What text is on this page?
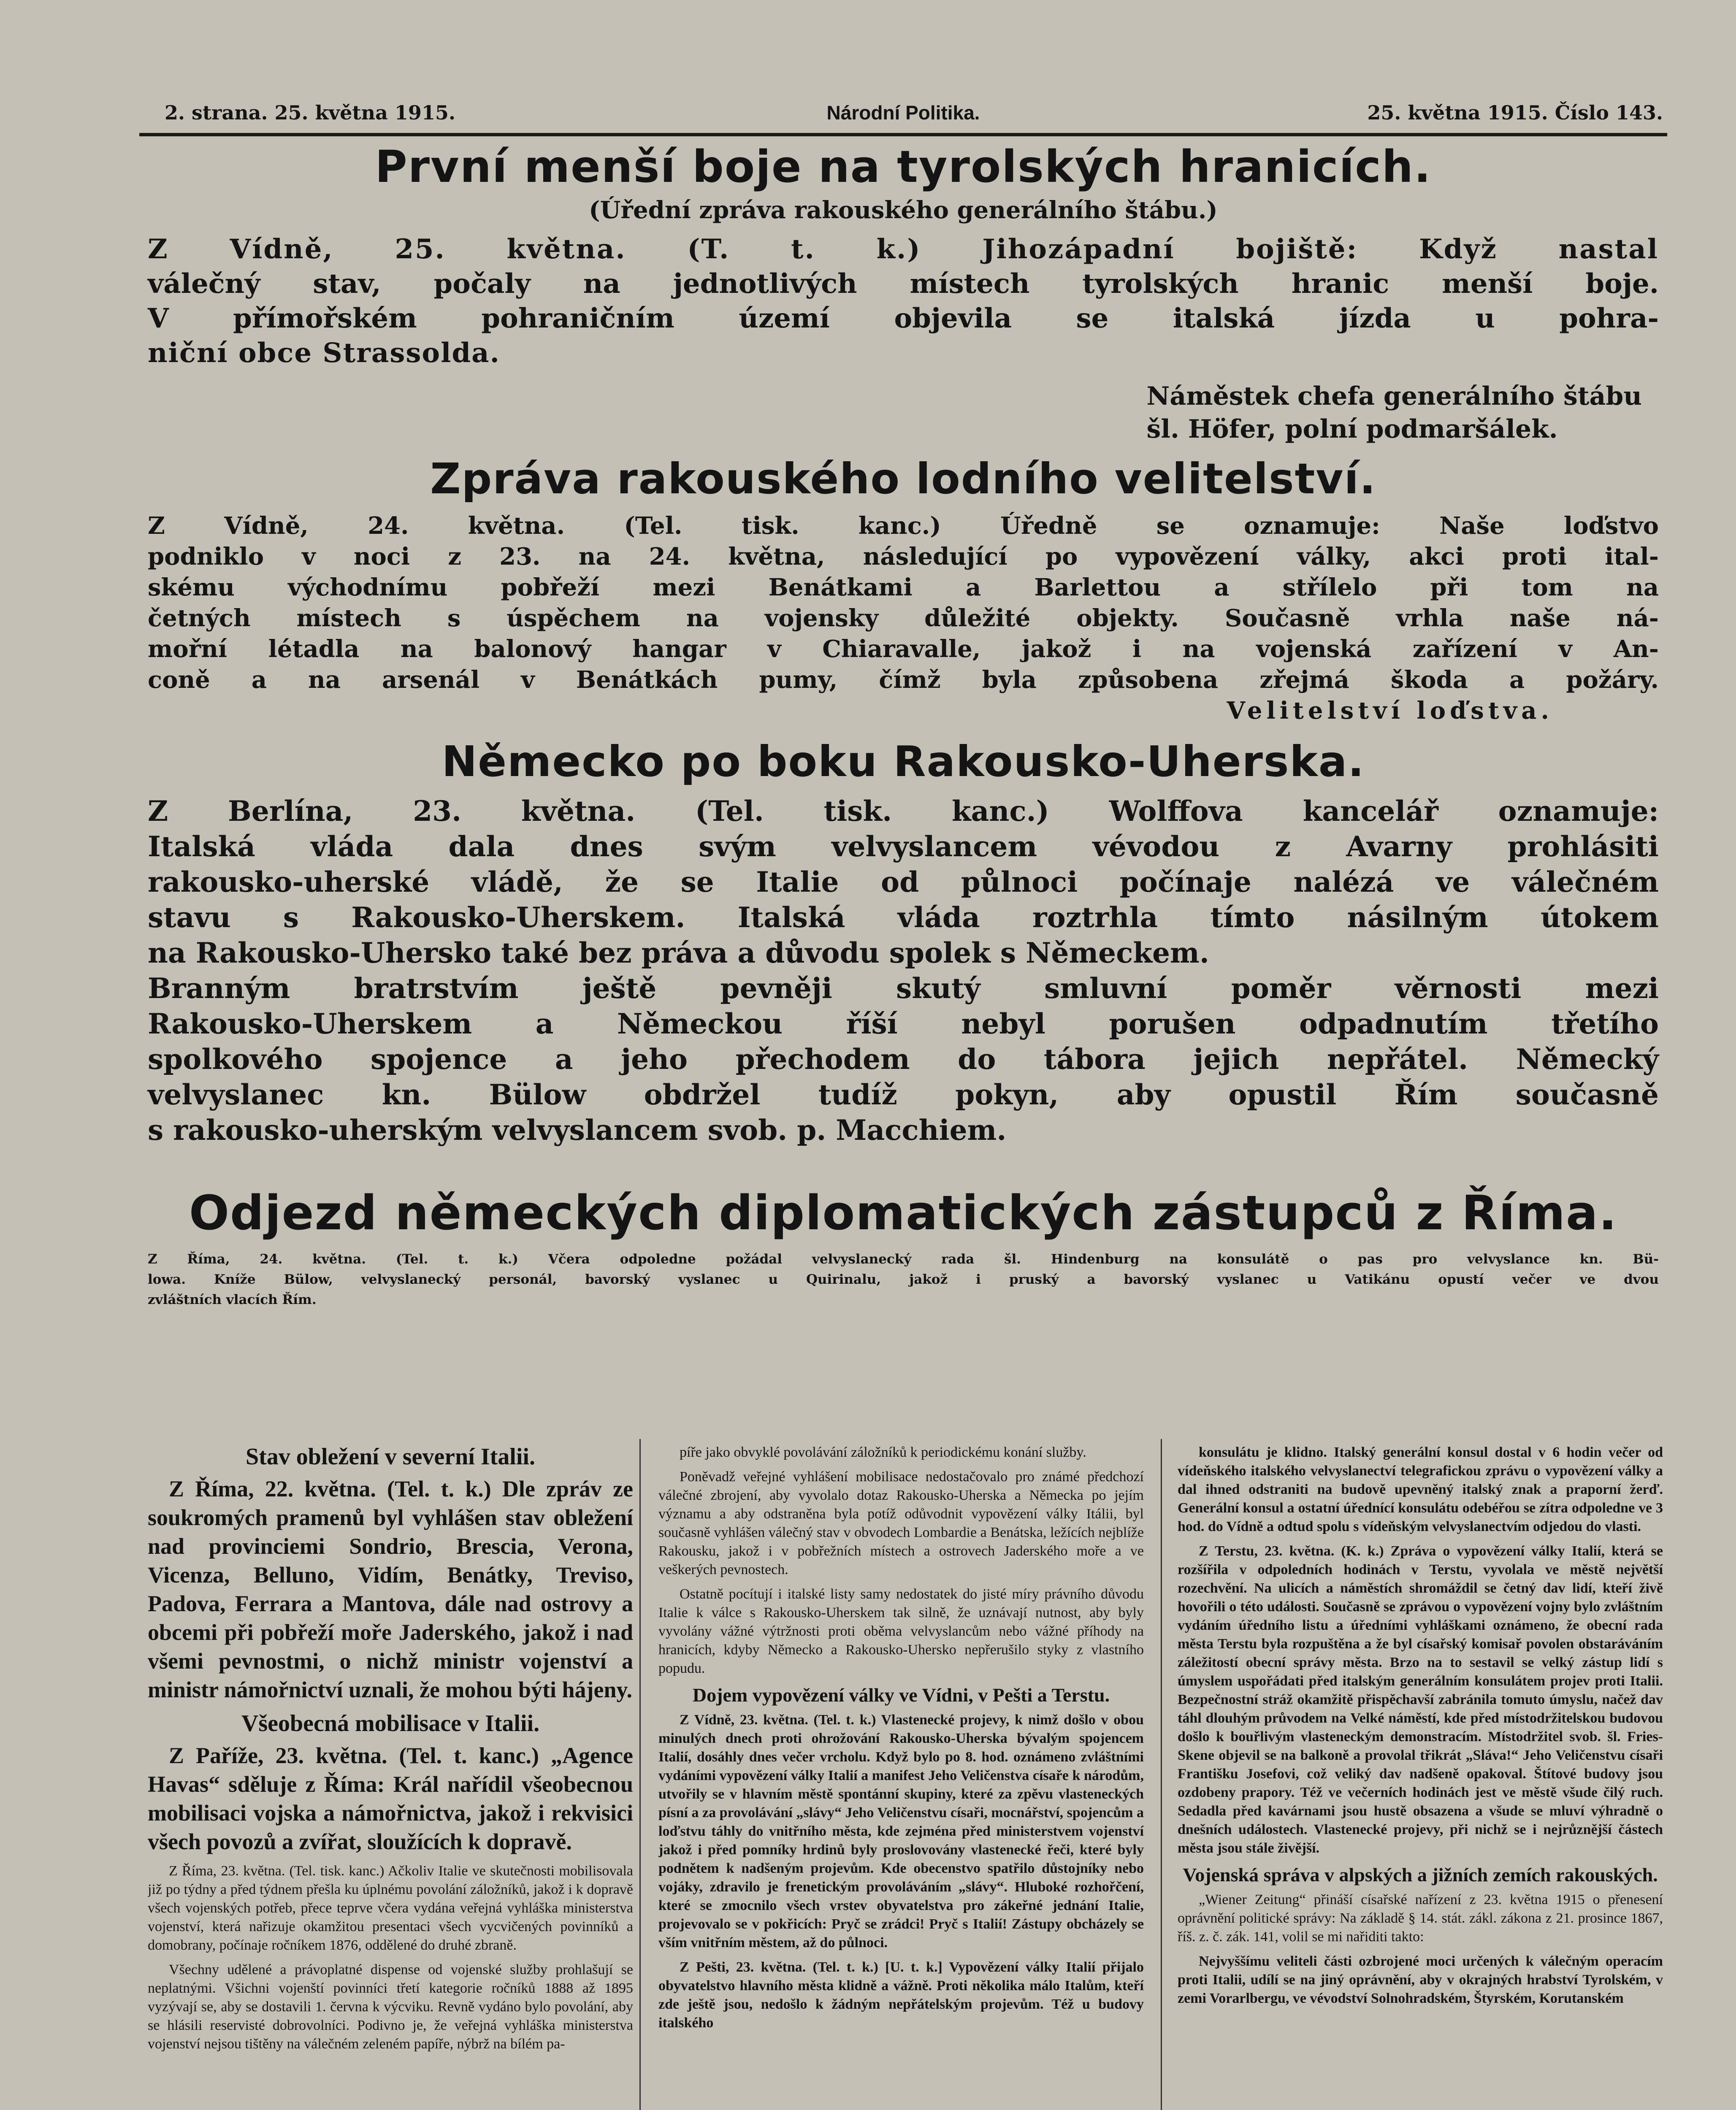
2. strana. 25. května 1915.	Národní Politika.	25. května 1915. Číslo 143.
První menší boje na tyrolských hranicích.
(Úřední zpráva rakouského generálního štábu.)
Z Vídně, 25. května. (T. t. k.) Jihozápadní bojiště: Když nastal
válečný stav, počaly na jednotlivých místech tyrolských hranic menší boje.
V přímořském pohraničním území objevila se italská jízda u pohra-
nіční obce Strassolda.
Náměstek chefa generálního štábu
šl. Höfer, polní podmaršálek.
Zpráva rakouského lodního velitelství.
Z Vídně, 24. května. (Tel. tisk. kanc.) Úředně se oznamuje: Naše loďstvo
podniklo v noci z 23. na 24. května, následující po vypovězení války, akci proti ital-
skému východnímu pobřeží mezi Benátkami a Barlettou a střílelo při tom na
četných místech s úspěchem na vojensky důležité objekty. Současně vrhla naše ná-
mořní létadla na balonový hangar v Chiaravalle, jakož i na vojenská zařízení v An-
coně a na arsenál v Benátkách pumy, čímž byla způsobena zřejmá škoda a požáry.
Velitelství loďstva.
Německo po boku Rakousko-Uherska.
Z Berlína, 23. května. (Tel. tisk. kanc.) Wolffova kancelář oznamuje:
Italská vláda dala dnes svým velvyslancem vévodou z Avarny prohlásiti
rakousko-uherské vládě, že se Italie od půlnoci počínaje nalézá ve válečném
stavu s Rakousko-Uherskem. Italská vláda roztrhla tímto násilným útokem
na Rakousko-Uhersko také bez práva a důvodu spolek s Německem.
Branným bratrstvím ještě pevněji skutý smluvní poměr věrnosti mezi
Rakousko-Uherskem a Německou říší nebyl porušen odpadnutím třetího
spolkového spojence a jeho přechodem do tábora jejich nepřátel. Německý
velvyslanec kn. Bülow obdržel tudíž pokyn, aby opustil Řím současně
s rakousko-uherským velvyslancem svob. p. Macchiem.
Odjezd německých diplomatických zástupců z Říma.
Z Říma, 24. května. (Tel. t. k.) Včera odpoledne požádal velvyslanecký rada šl. Hindenburg na konsulátě o pas pro velvyslance kn. Bü-
lowa. Kníže Bülow, velvyslanecký personál, bavorský vyslanec u Quirinalu, jakož i pruský a bavorský vyslanec u Vatikánu opustí večer ve dvou
zvláštních vlacích Řím.
Stav obležení v severní Italii.

Z Říma, 22. května. (Tel. t. k.) Dle zpráv ze soukromých pramenů byl vyhlášen stav obležení nad provinciemi Sondrio, Brescia, Verona, Vicenza, Belluno, Vidím, Benátky, Treviso, Padova, Ferrara a Mantova, dále nad ostrovy a obcemi při pobřeží moře Jaderského, jakož i nad všemi pevnostmi, o nichž ministr vojenství a ministr námořnictví uznali, že mohou býti hájeny.

Všeobecná mobilisace v Italii.

Z Paříže, 23. května. (Tel. t. kanc.) „Agence Havas“ sděluje z Říma: Král nařídil všeobecnou mobilisaci vojska a námořnictva, jakož i rekvisici všech povozů a zvířat, sloužících k dopravě.

Z Říma, 23. května. (Tel. tisk. kanc.) Ačkoliv Italie ve skutečnosti mobilisovala již po týdny a před týdnem přešla ku úplnému povolání záložníků, jakož i k dopravě všech vojenských potřeb, přece teprve včera vydána veřejná vyhláška ministerstva vojenství, která nařizuje okamžitou presentaci všech vycvičených povinníků a domobrany, počínaje ročníkem 1876, oddělené do druhé zbraně.

Všechny udělené a právoplatné dispense od vojenské služby prohlašují se neplatnými. Všichni vojenští povinníci třetí kategorie ročníků 1888 až 1895 vyzývají se, aby se dostavili 1. června k výcviku. Revně vydáno bylo povolání, aby se hlásili reservisté dobrovolníci. Podivno je, že veřejná vyhláška ministerstva vojenství nejsou tištěny na válečném zeleném papíře, nýbrž na bílém pa-

píře jako obvyklé povolávání záložníků k periodickému konání služby.

Poněvadž veřejné vyhlášení mobilisace nedostačovalo pro známé předchozí válečné zbrojení, aby vyvolalo dotaz Rakousko-Uherska a Německa po jejím významu a aby odstraněna byla potíž odůvodnit vypovězení války Itálii, byl současně vyhlášen válečný stav v obvodech Lombardie a Benátska, ležících nejblíže Rakousku, jakož i v pobřežních místech a ostrovech Jaderského moře a ve veškerých pevnostech.

Ostatně pocítují i italské listy samy nedostatek do jisté míry právního důvodu Italie k válce s Rakousko-Uherskem tak silně, že uznávají nutnost, aby byly vyvolány vážné výtržnosti proti oběma velvyslancům nebo vážné příhody na hranicích, kdyby Německo a Rakousko-Uhersko nepřerušilo styky z vlastního popudu.

Dojem vypovězení války ve Vídni, v Pešti a Terstu.

Z Vídně, 23. května. (Tel. t. k.) Vlastenecké projevy, k nimž došlo v obou minulých dnech proti ohrožování Rakousko-Uherska bývalým spojencem Italií, dosáhly dnes večer vrcholu. Když bylo po 8. hod. oznámeno zvláštními vydáními vypovězení války Italií a manifest Jeho Veličenstva císaře k národům, utvořily se v hlavním městě spontánní skupiny, které za zpěvu vlasteneckých písní a za provolávání „slávy“ Jeho Veličenstvu císaři, mocnářství, spojencům a loďstvu táhly do vnitřního města, kde zejména před ministerstvem vojenství jakož i před pomníky hrdinů byly proslovovány vlastenecké řeči, které byly podnětem k nadšeným projevům. Kde obecenstvo spatřilo důstojníky nebo vojáky, zdravilo je frenetickým provoláváním „slávy“. Hluboké rozhořčení, které se zmocnilo všech vrstev obyvatelstva pro zákeřné jednání Italie, projevovalo se v pokřicích: Pryč se zrádci! Pryč s Italií! Zástupy obcházely se vším vnitřním městem, až do půlnoci.

Z Pešti, 23. května. (Tel. t. k.) [U. t. k.] Vypovězení války Italií přijalo obyvatelstvo hlavního města klidně a vážně. Proti několika málo Italům, kteří zde ještě jsou, nedošlo k žádným nepřátelským projevům. Též u budovy italského

konsulátu je klidno. Italský generální konsul dostal v 6 hodin večer od vídeňského italského velvyslanectví telegrafickou zprávu o vypovězení války a dal ihned odstraniti na budově upevněný italský znak a praporní žerď. Generální konsul a ostatní úřednící konsulátu odebéřou se zítra odpoledne ve 3 hod. do Vídně a odtud spolu s vídeňským velvyslanectvím odjedou do vlasti.

Z Terstu, 23. května. (K. k.) Zpráva o vypovězení války Italií, která se rozšířila v odpoledních hodinách v Terstu, vyvolala ve městě největší rozechvění. Na ulicích a náměstích shromáždil se četný dav lidí, kteří živě hovořili o této události. Současně se zprávou o vypovězení vojny bylo zvláštním vydáním úředního listu a úředními vyhláškami oznámeno, že obecní rada města Terstu byla rozpuštěna a že byl císařský komisař povolen obstaráváním záležitostí obecní správy města. Brzo na to sestavil se velký zástup lidí s úmyslem uspořádati před italským generálním konsulátem projev proti Italii. Bezpečnostní stráž okamžitě přispěchavší zabránila tomuto úmyslu, načež dav táhl dlouhým průvodem na Velké náměstí, kde před místodržitelskou budovou došlo k bouřlivým vlasteneckým demonstracím. Místodržitel svob. šl. Fries-Skene objevil se na balkoně a provolal třikrát „Sláva!“ Jeho Veličenstvu císaři Františku Josefovi, což veliký dav nadšeně opakoval. Štítové budovy jsou ozdobeny prapory. Též ve večerních hodinách jest ve městě všude čilý ruch. Sedadla před kavárnami jsou hustě obsazena a všude se mluví výhradně o dnešních událostech. Vlastenecké projevy, při nichž se i nejrůznější částech města jsou stále živější.

Vojenská správa v alpských a jižních zemích rakouských.

„Wiener Zeitung“ přináší císařské nařízení z 23. května 1915 o přenesení oprávnění politické správy: Na základě § 14. stát. zákl. zákona z 21. prosince 1867, říš. z. č. zák. 141, volil se mi nařiditi takto:

Nejvyššímu veliteli části ozbrojené moci určených k válečným operacím proti Italii, udílí se na jiný oprávnění, aby v okrajných hrabství Tyrolském, v zemi Vorarlbergu, ve vévodství Solnohradském, Štyrském, Korutanském
